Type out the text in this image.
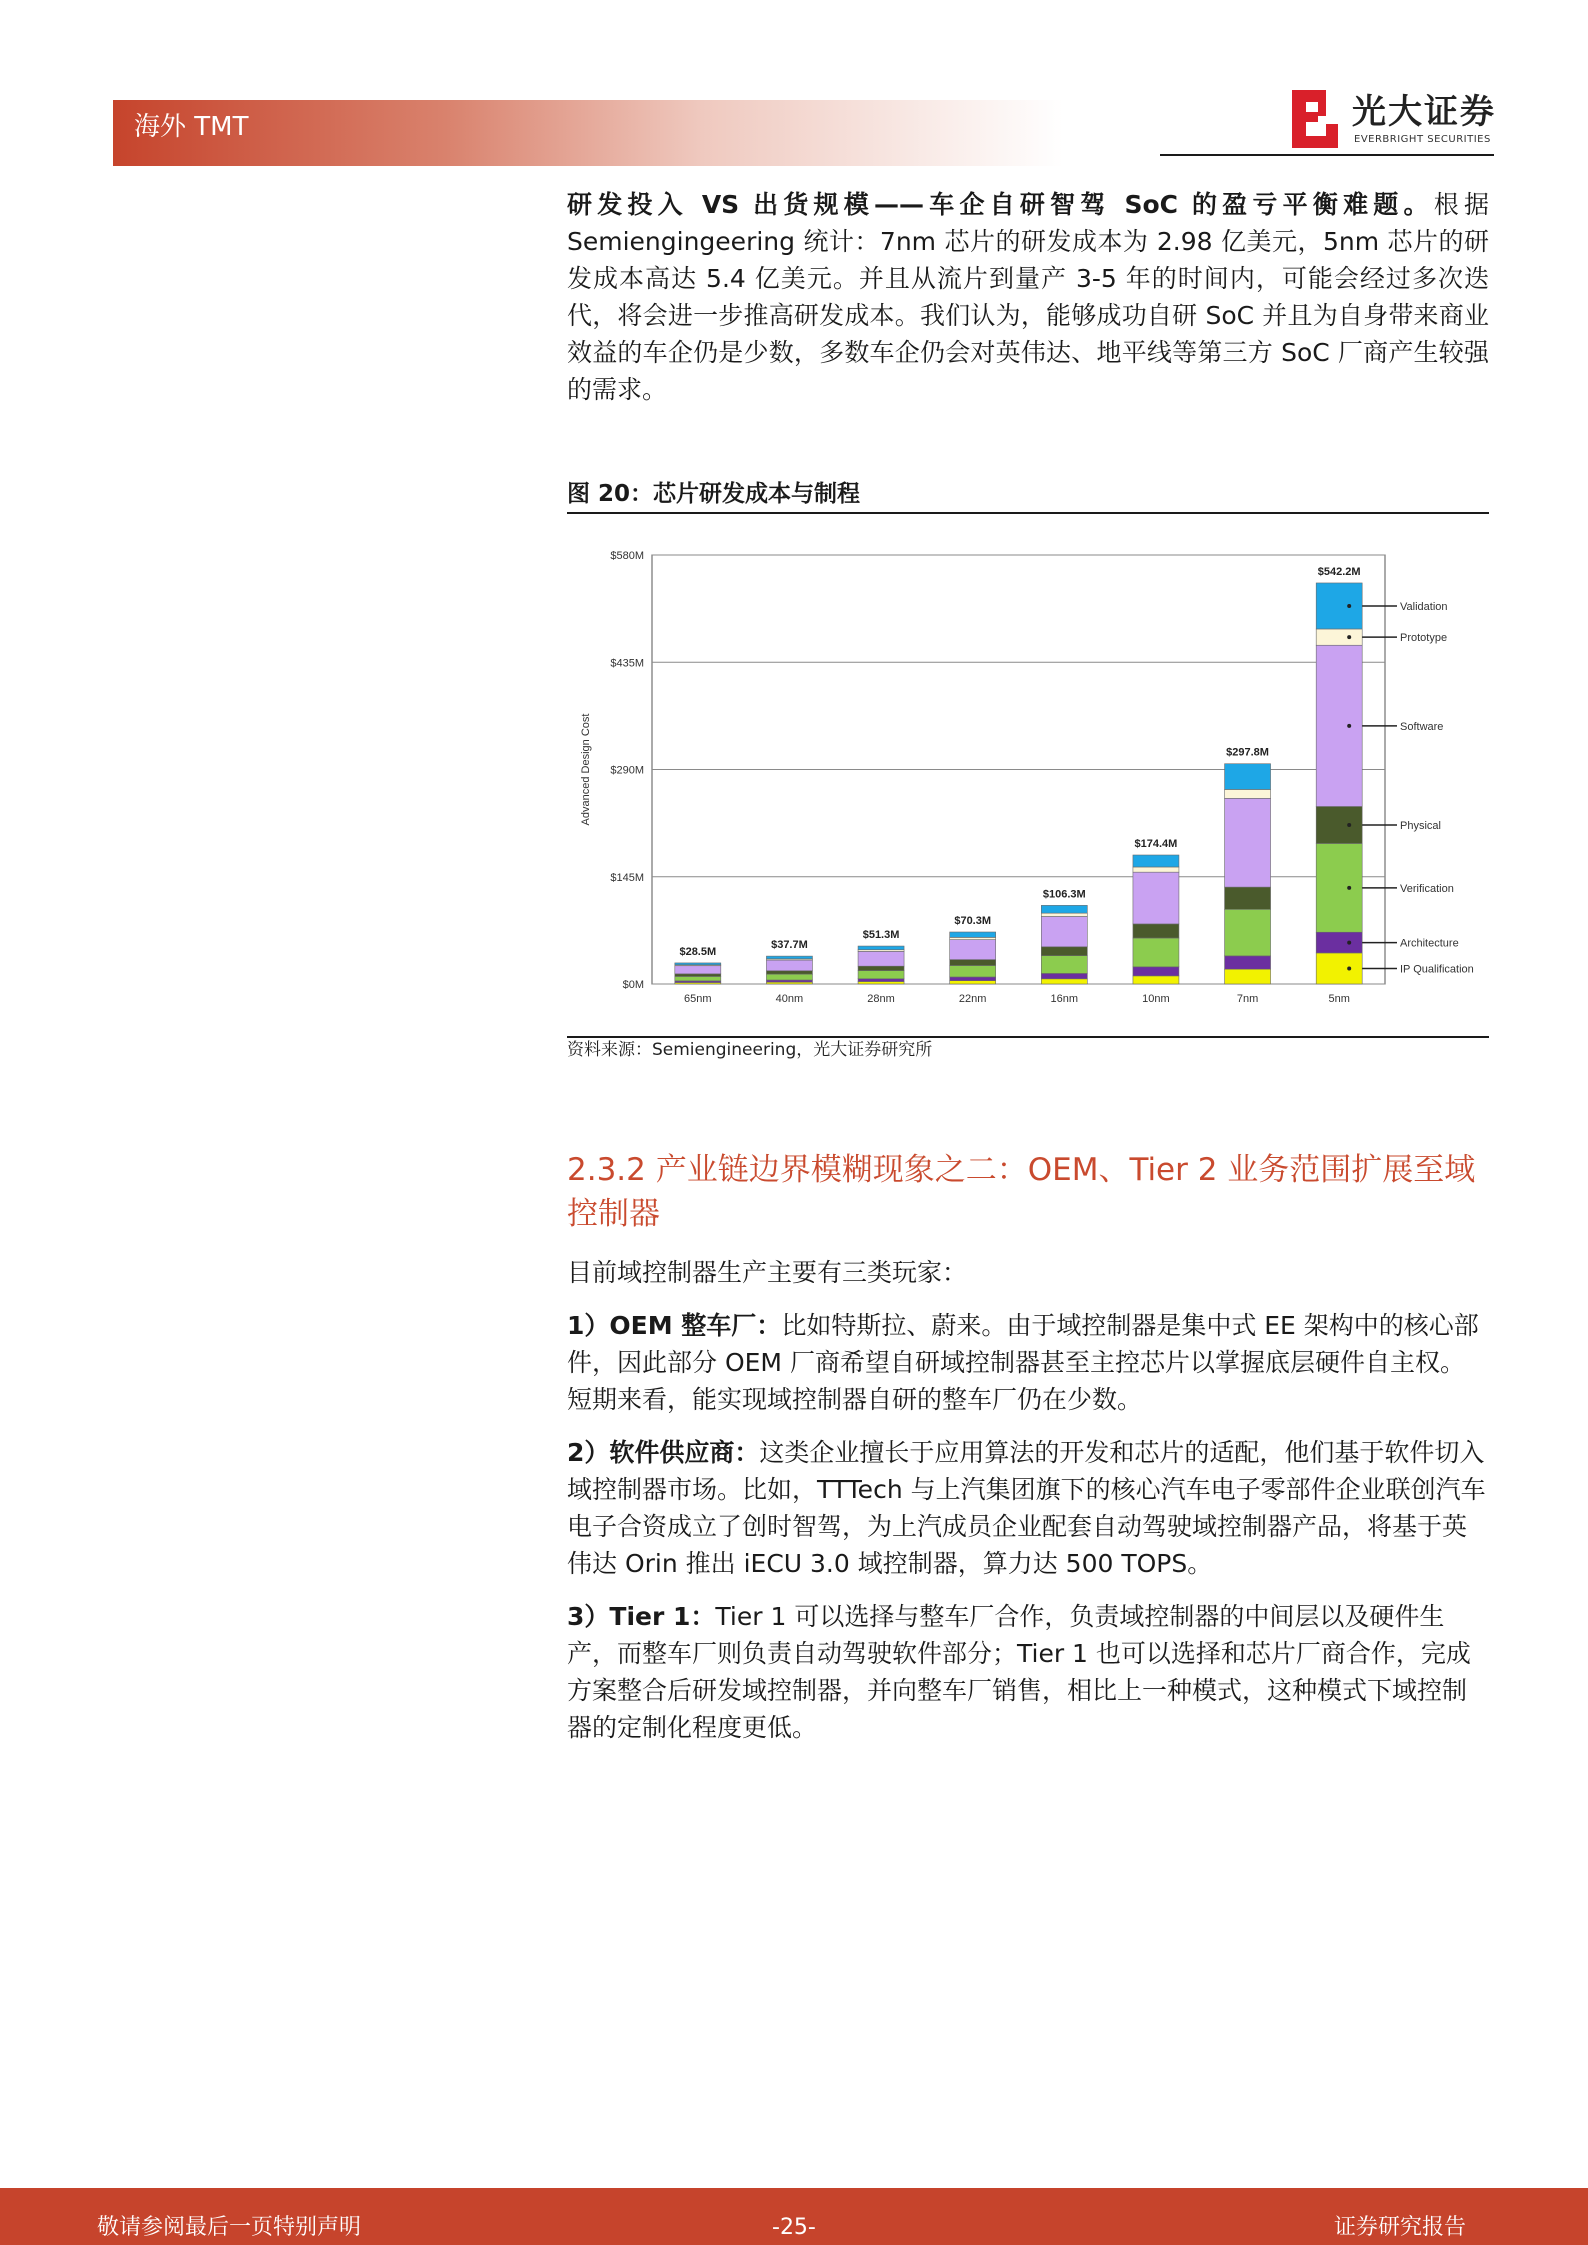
海外 TMT	光大证券
EVERBRIGHT SECURITIES

研发投入 VS 出货规模——车企自研智驾 SoC 的盈亏平衡难题。根据 Semiengingeering 统计：7nm 芯片的研发成本为 2.98 亿美元，5nm 芯片的研发成本高达 5.4 亿美元。并且从流片到量产 3-5 年的时间内，可能会经过多次迭代，将会进一步推高研发成本。我们认为，能够成功自研 SoC 并且为自身带来商业效益的车企仍是少数，多数车企仍会对英伟达、地平线等第三方 SoC 厂商产生较强的需求。

图 20：芯片研发成本与制程
$0M
$145M
$290M
$435M
$580M
Advanced Design Cost
$28.5M
65nm
$37.7M
40nm
$51.3M
28nm
$70.3M
22nm
$106.3M
16nm
$174.4M
10nm
$297.8M
7nm
$542.2M
5nm
IP Qualification
Architecture
Verification
Physical
Software
Prototype
Validation
资料来源：Semiengineering，光大证券研究所
2.3.2 产业链边界模糊现象之二：OEM、Tier 2 业务范围扩展至域控制器

目前域控制器生产主要有三类玩家：

1）OEM 整车厂：比如特斯拉、蔚来。由于域控制器是集中式 EE 架构中的核心部件，因此部分 OEM 厂商希望自研域控制器甚至主控芯片以掌握底层硬件自主权。短期来看，能实现域控制器自研的整车厂仍在少数。

2）软件供应商：这类企业擅长于应用算法的开发和芯片的适配，他们基于软件切入域控制器市场。比如，TTTech 与上汽集团旗下的核心汽车电子零部件企业联创汽车电子合资成立了创时智驾，为上汽成员企业配套自动驾驶域控制器产品，将基于英伟达 Orin 推出 iECU 3.0 域控制器，算力达 500 TOPS。

3）Tier 1：Tier 1 可以选择与整车厂合作，负责域控制器的中间层以及硬件生产，而整车厂则负责自动驾驶软件部分；Tier 1 也可以选择和芯片厂商合作，完成方案整合后研发域控制器，并向整车厂销售，相比上一种模式，这种模式下域控制器的定制化程度更低。

敬请参阅最后一页特别声明	-25-	证券研究报告
